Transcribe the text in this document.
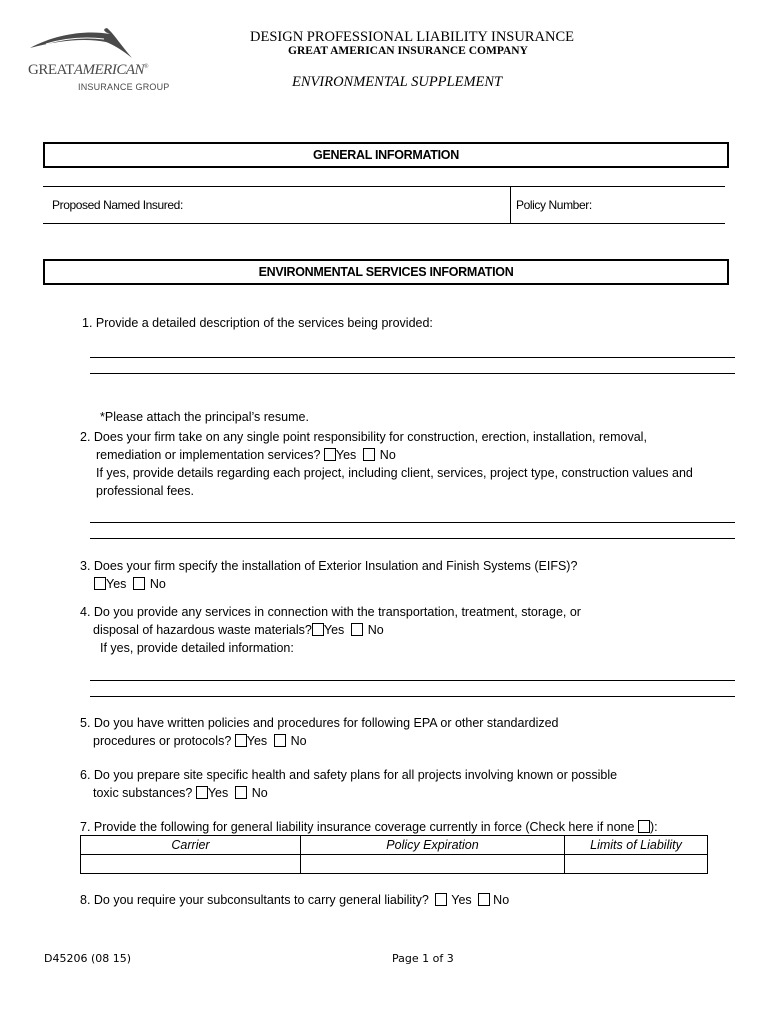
GREATAMERICAN®
INSURANCE GROUP
DESIGN PROFESSIONAL LIABILITY INSURANCE
GREAT AMERICAN INSURANCE COMPANY
ENVIRONMENTAL SUPPLEMENT
GENERAL INFORMATION
Proposed Named Insured:	Policy Number:
ENVIRONMENTAL SERVICES INFORMATION
1. Provide a detailed description of the services being provided:
*Please attach the principal’s resume.
2. Does your firm take on any single point responsibility for construction, erection, installation, removal,
remediation or implementation services? Yes No
If yes, provide details regarding each project, including client, services, project type, construction values and
professional fees.
3. Does your firm specify the installation of Exterior Insulation and Finish Systems (EIFS)?
Yes No
4. Do you provide any services in connection with the transportation, treatment, storage, or
disposal of hazardous waste materials? Yes No
If yes, provide detailed information:
5. Do you have written policies and procedures for following EPA or other standardized
procedures or protocols? Yes No
6. Do you prepare site specific health and safety plans for all projects involving known or possible
toxic substances? Yes No
7. Provide the following for general liability insurance coverage currently in force (Check here if none ):
Carrier	Policy Expiration	Limits of Liability

8. Do you require your subconsultants to carry general liability? Yes No
D45206 (08 15)	Page 1 of 3
